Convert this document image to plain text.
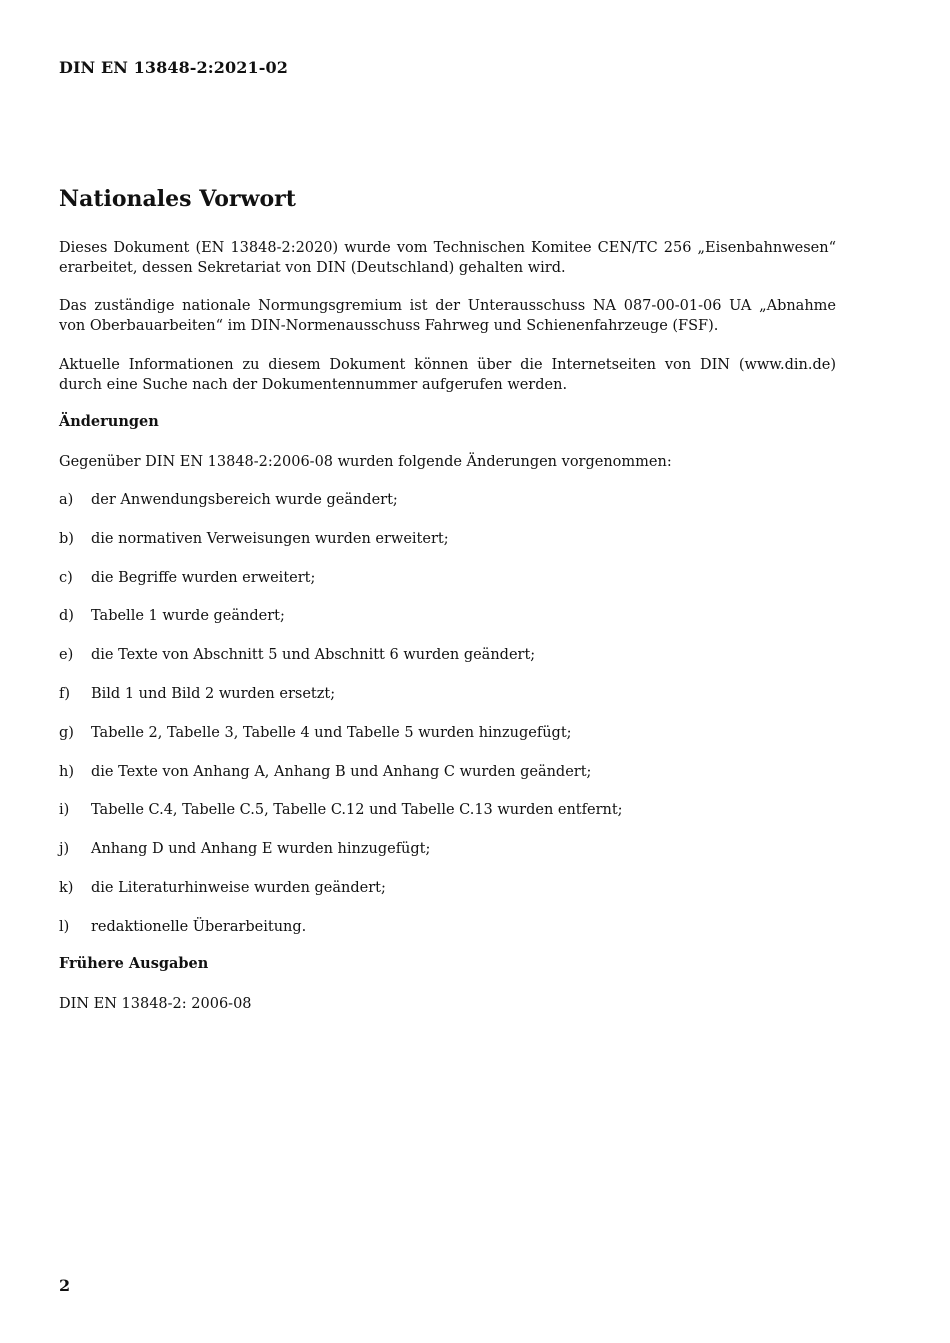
DIN EN 13848-2:2021-02
Nationales Vorwort

Dieses Dokument (EN 13848-2:2020) wurde vom Technischen Komitee CEN/TC 256 „Eisenbahnwesen“ erarbeitet, dessen Sekretariat von DIN (Deutschland) gehalten wird.

Das zuständige nationale Normungsgremium ist der Unterausschuss NA 087-00-01-06 UA „Abnahme von Oberbauarbeiten“ im DIN-Normenausschuss Fahrweg und Schienenfahrzeuge (FSF).

Aktuelle Informationen zu diesem Dokument können über die Internetseiten von DIN (www.din.de) durch eine Suche nach der Dokumentennummer aufgerufen werden.

Änderungen

Gegenüber DIN EN 13848-2:2006-08 wurden folgende Änderungen vorgenommen:

a) der Anwendungsbereich wurde geändert;
b) die normativen Verweisungen wurden erweitert;
c) die Begriffe wurden erweitert;
d) Tabelle 1 wurde geändert;
e) die Texte von Abschnitt 5 und Abschnitt 6 wurden geändert;
f) Bild 1 und Bild 2 wurden ersetzt;
g) Tabelle 2, Tabelle 3, Tabelle 4 und Tabelle 5 wurden hinzugefügt;
h) die Texte von Anhang A, Anhang B und Anhang C wurden geändert;
i) Tabelle C.4, Tabelle C.5, Tabelle C.12 und Tabelle C.13 wurden entfernt;
j) Anhang D und Anhang E wurden hinzugefügt;
k) die Literaturhinweise wurden geändert;
l) redaktionelle Überarbeitung.
Frühere Ausgaben

DIN EN 13848-2: 2006-08

2
